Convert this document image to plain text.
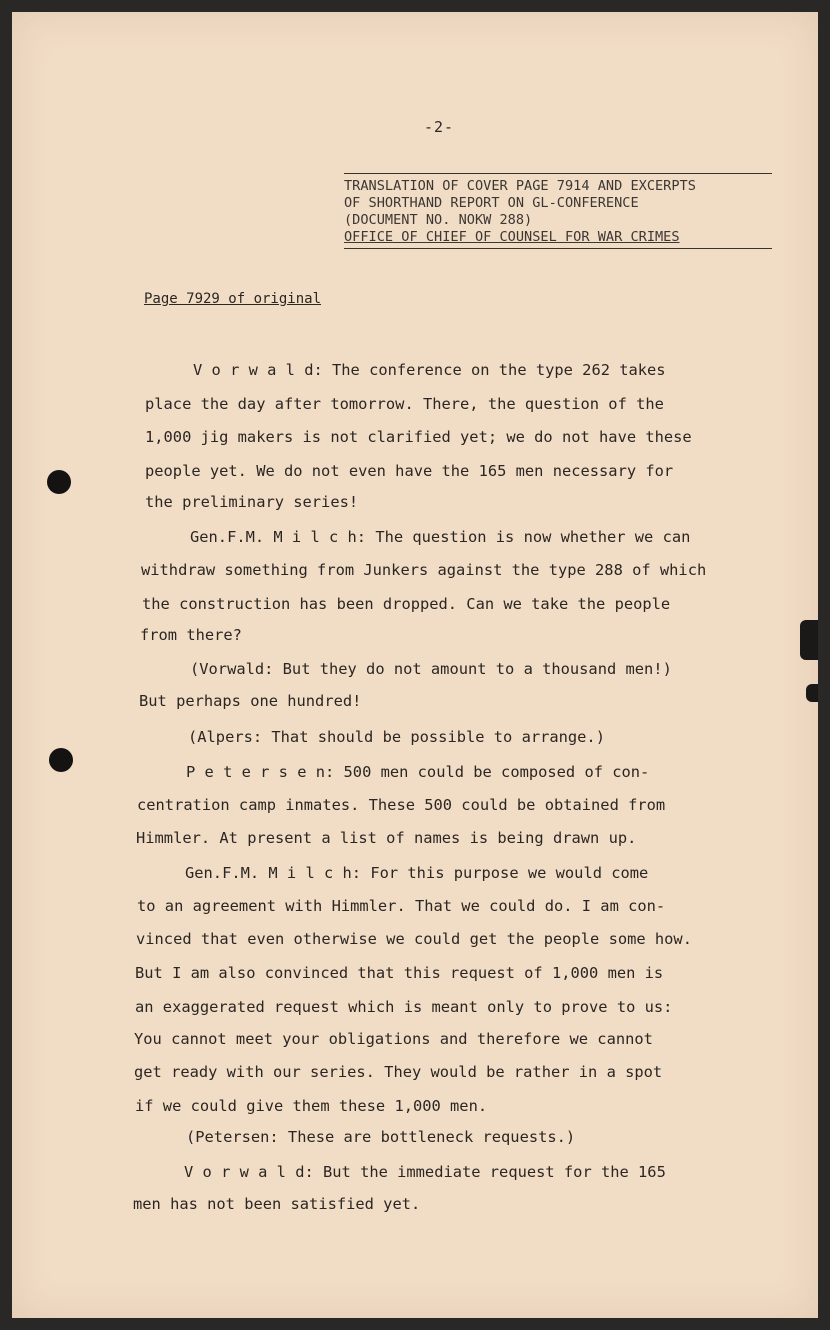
-2-
TRANSLATION OF COVER PAGE 7914 AND EXCERPTS
OF SHORTHAND REPORT ON GL-CONFERENCE
(DOCUMENT NO. NOKW 288)
OFFICE OF CHIEF OF COUNSEL FOR WAR CRIMES
Page 7929 of original
V o r w a l d: The conference on the type 262 takes
place the day after tomorrow. There, the question of the
1,000 jig makers is not clarified yet; we do not have these
people yet. We do not even have the 165 men necessary for
the preliminary series!
Gen.F.M. M i l c h: The question is now whether we can
withdraw something from Junkers against the type 288 of which
the construction has been dropped. Can we take the people
from there?
(Vorwald: But they do not amount to a thousand men!)
But perhaps one hundred!
(Alpers: That should be possible to arrange.)
P e t e r s e n: 500 men could be composed of con-
centration camp inmates. These 500 could be obtained from
Himmler. At present a list of names is being drawn up.
Gen.F.M. M i l c h: For this purpose we would come
to an agreement with Himmler. That we could do. I am con-
vinced that even otherwise we could get the people some how.
But I am also convinced that this request of 1,000 men is
an exaggerated request which is meant only to prove to us:
You cannot meet your obligations and therefore we cannot
get ready with our series. They would be rather in a spot
if we could give them these 1,000 men.
(Petersen: These are bottleneck requests.)
V o r w a l d: But the immediate request for the 165
men has not been satisfied yet.
